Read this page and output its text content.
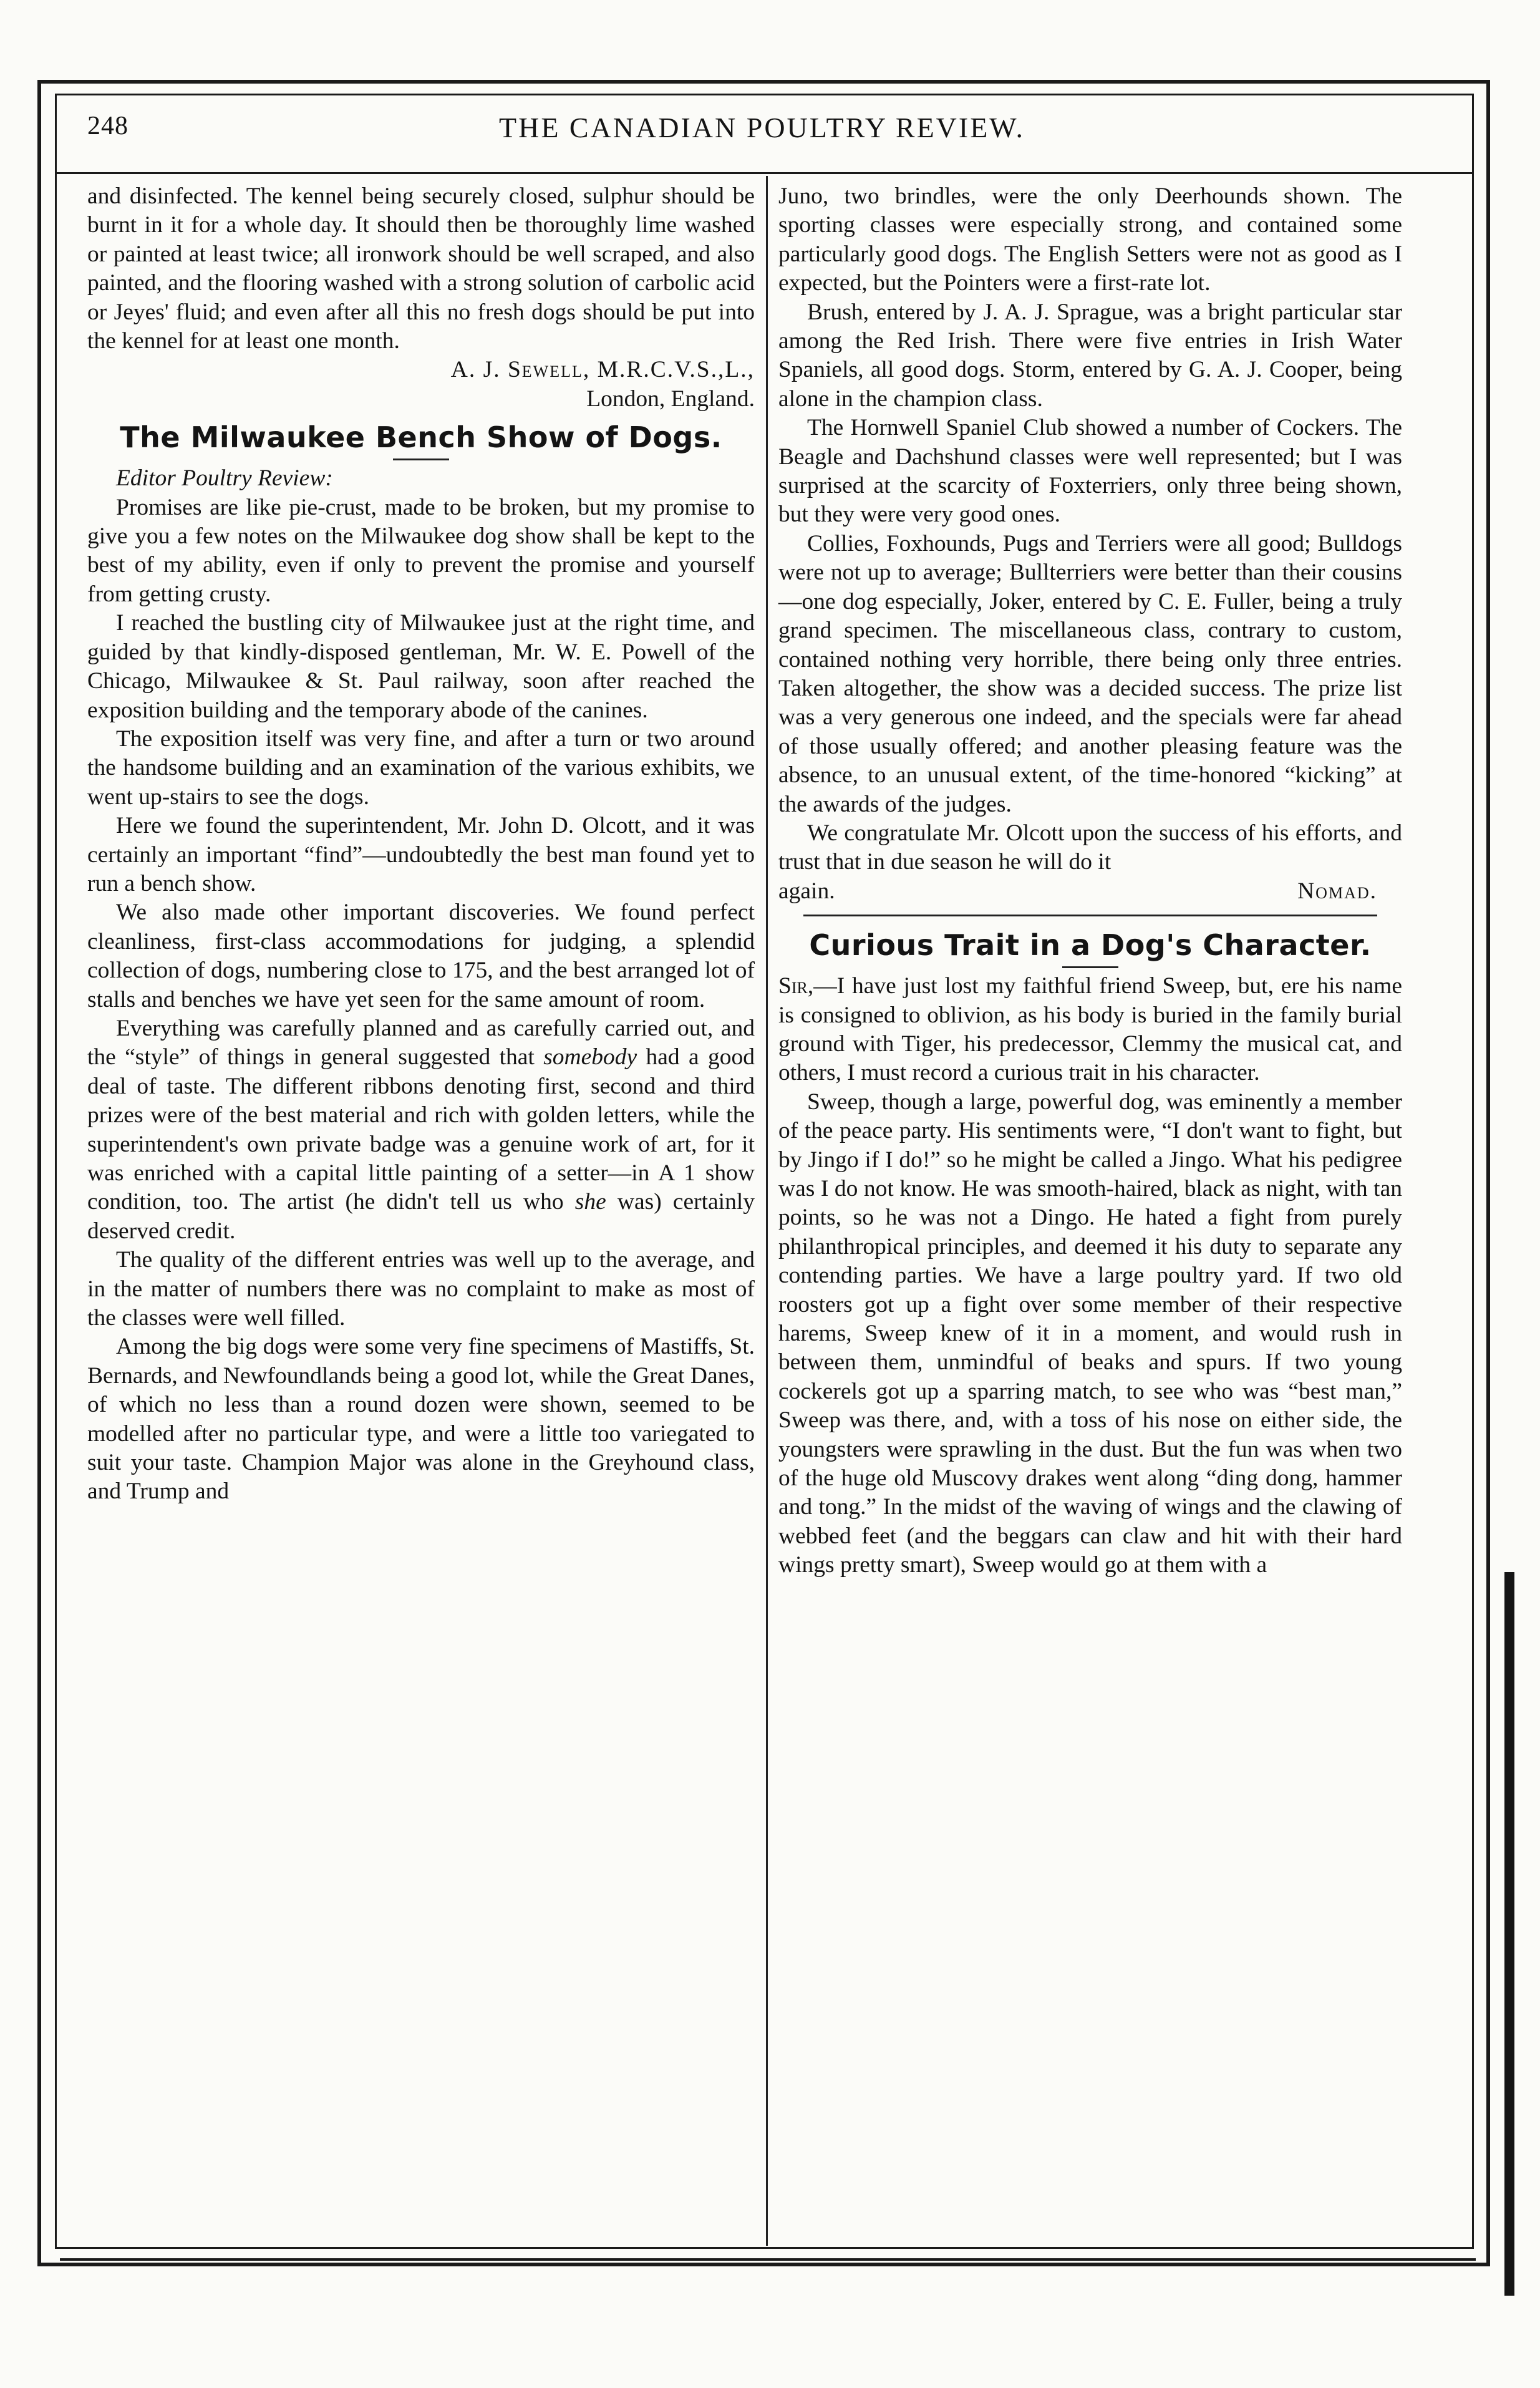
248	THE CANADIAN POULTRY REVIEW.

and disinfected. The kennel being securely closed, sulphur should be burnt in it for a whole day. It should then be thoroughly lime washed or painted at least twice; all ironwork should be well scraped, and also painted, and the flooring washed with a strong solution of carbolic acid or Jeyes' fluid; and even after all this no fresh dogs should be put into the kennel for at least one month.

A. J. Sewell, M.R.C.V.S.,L.,

London, England.

The Milwaukee Bench Show of Dogs.

Editor Poultry Review:

Promises are like pie-crust, made to be broken, but my promise to give you a few notes on the Milwaukee dog show shall be kept to the best of my ability, even if only to prevent the promise and yourself from getting crusty.

I reached the bustling city of Milwaukee just at the right time, and guided by that kindly-disposed gentleman, Mr. W. E. Powell of the Chicago, Milwaukee & St. Paul railway, soon after reached the exposition building and the temporary abode of the canines.

The exposition itself was very fine, and after a turn or two around the handsome building and an examination of the various exhibits, we went up-stairs to see the dogs.

Here we found the superintendent, Mr. John D. Olcott, and it was certainly an important “find”—undoubtedly the best man found yet to run a bench show.

We also made other important discoveries. We found perfect cleanliness, first-class accommodations for judging, a splendid collection of dogs, numbering close to 175, and the best arranged lot of stalls and benches we have yet seen for the same amount of room.

Everything was carefully planned and as carefully carried out, and the “style” of things in general suggested that somebody had a good deal of taste. The different ribbons denoting first, second and third prizes were of the best material and rich with golden letters, while the superintendent's own private badge was a genuine work of art, for it was enriched with a capital little painting of a setter—in A 1 show condition, too. The artist (he didn't tell us who she was) certainly deserved credit.

The quality of the different entries was well up to the average, and in the matter of numbers there was no complaint to make as most of the classes were well filled.

Among the big dogs were some very fine specimens of Mastiffs, St. Bernards, and Newfoundlands being a good lot, while the Great Danes, of which no less than a round dozen were shown, seemed to be modelled after no particular type, and were a little too variegated to suit your taste. Champion Major was alone in the Greyhound class, and Trump and

Juno, two brindles, were the only Deerhounds shown. The sporting classes were especially strong, and contained some particularly good dogs. The English Setters were not as good as I expected, but the Pointers were a first-rate lot.

Brush, entered by J. A. J. Sprague, was a bright particular star among the Red Irish. There were five entries in Irish Water Spaniels, all good dogs. Storm, entered by G. A. J. Cooper, being alone in the champion class.

The Hornwell Spaniel Club showed a number of Cockers. The Beagle and Dachshund classes were well represented; but I was surprised at the scarcity of Foxterriers, only three being shown, but they were very good ones.

Collies, Foxhounds, Pugs and Terriers were all good; Bulldogs were not up to average; Bullterriers were better than their cousins—one dog especially, Joker, entered by C. E. Fuller, being a truly grand specimen. The miscellaneous class, contrary to custom, contained nothing very horrible, there being only three entries. Taken altogether, the show was a decided success. The prize list was a very generous one indeed, and the specials were far ahead of those usually offered; and another pleasing feature was the absence, to an unusual extent, of the time-honored “kicking” at the awards of the judges.

We congratulate Mr. Olcott upon the success of his efforts, and trust that in due season he will do it

again.	Nomad.
Curious Trait in a Dog's Character.

Sir,—I have just lost my faithful friend Sweep, but, ere his name is consigned to oblivion, as his body is buried in the family burial ground with Tiger, his predecessor, Clemmy the musical cat, and others, I must record a curious trait in his character.

Sweep, though a large, powerful dog, was eminently a member of the peace party. His sentiments were, “I don't want to fight, but by Jingo if I do!” so he might be called a Jingo. What his pedigree was I do not know. He was smooth-haired, black as night, with tan points, so he was not a Dingo. He hated a fight from purely philanthropical principles, and deemed it his duty to separate any contending parties. We have a large poultry yard. If two old roosters got up a fight over some member of their respective harems, Sweep knew of it in a moment, and would rush in between them, unmindful of beaks and spurs. If two young cockerels got up a sparring match, to see who was “best man,” Sweep was there, and, with a toss of his nose on either side, the youngsters were sprawling in the dust. But the fun was when two of the huge old Muscovy drakes went along “ding dong, hammer and tong.” In the midst of the waving of wings and the clawing of webbed feet (and the beggars can claw and hit with their hard wings pretty smart), Sweep would go at them with a
